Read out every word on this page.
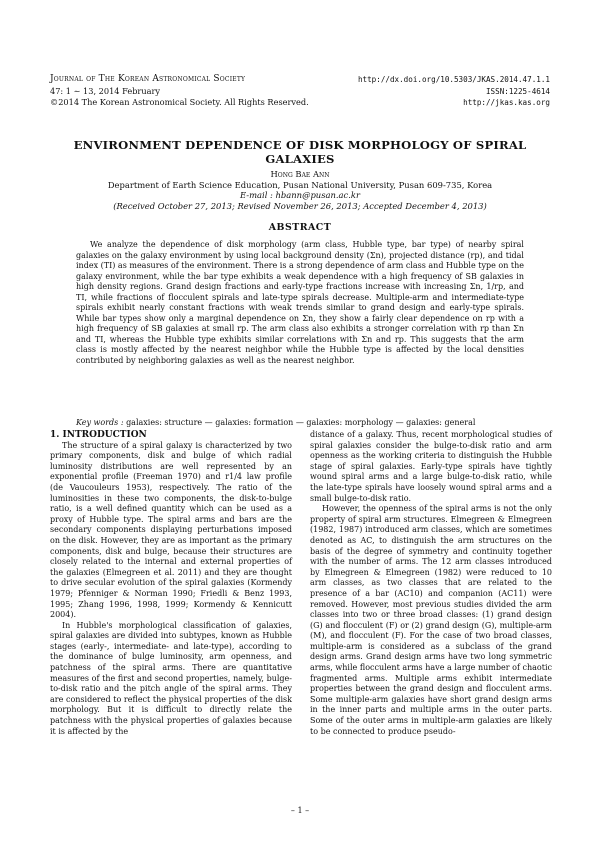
Journal of The Korean Astronomical Society
47: 1 ∼ 13, 2014 February
©2014 The Korean Astronomical Society. All Rights Reserved.
http://dx.doi.org/10.5303/JKAS.2014.47.1.1
ISSN:1225-4614
http://jkas.kas.org
ENVIRONMENT DEPENDENCE OF DISK MORPHOLOGY OF SPIRAL GALAXIES
Hong Bae Ann
Department of Earth Science Education, Pusan National University, Pusan 609-735, Korea
E-mail : hbann@pusan.ac.kr
(Received October 27, 2013; Revised November 26, 2013; Accepted December 4, 2013)
ABSTRACT

We analyze the dependence of disk morphology (arm class, Hubble type, bar type) of nearby spiral galaxies on the galaxy environment by using local background density (Σn), projected distance (rp), and tidal index (TI) as measures of the environment. There is a strong dependence of arm class and Hubble type on the galaxy environment, while the bar type exhibits a weak dependence with a high frequency of SB galaxies in high density regions. Grand design fractions and early-type fractions increase with increasing Σn, 1/rp, and TI, while fractions of flocculent spirals and late-type spirals decrease. Multiple-arm and intermediate-type spirals exhibit nearly constant fractions with weak trends similar to grand design and early-type spirals. While bar types show only a marginal dependence on Σn, they show a fairly clear dependence on rp with a high frequency of SB galaxies at small rp. The arm class also exhibits a stronger correlation with rp than Σn and TI, whereas the Hubble type exhibits similar correlations with Σn and rp. This suggests that the arm class is mostly affected by the nearest neighbor while the Hubble type is affected by the local densities contributed by neighboring galaxies as well as the nearest neighbor.

Key words : galaxies: structure — galaxies: formation — galaxies: morphology — galaxies: general

1. INTRODUCTION

The structure of a spiral galaxy is characterized by two primary components, disk and bulge of which radial luminosity distributions are well represented by an exponential profile (Freeman 1970) and r1/4 law profile (de Vaucouleurs 1953), respectively. The ratio of the luminosities in these two components, the disk-to-bulge ratio, is a well defined quantity which can be used as a proxy of Hubble type. The spiral arms and bars are the secondary components displaying perturbations imposed on the disk. However, they are as important as the primary components, disk and bulge, because their structures are closely related to the internal and external properties of the galaxies (Elmegreen et al. 2011) and they are thought to drive secular evolution of the spiral galaxies (Kormendy 1979; Pfenniger & Norman 1990; Friedli & Benz 1993, 1995; Zhang 1996, 1998, 1999; Kormendy & Kennicutt 2004).

In Hubble's morphological classification of galaxies, spiral galaxies are divided into subtypes, known as Hubble stages (early-, intermediate- and late-type), according to the dominance of bulge luminosity, arm openness, and patchness of the spiral arms. There are quantitative measures of the first and second properties, namely, bulge-to-disk ratio and the pitch angle of the spiral arms. They are considered to reflect the physical properties of the disk morphology. But it is difficult to directly relate the patchness with the physical properties of galaxies because it is affected by the

distance of a galaxy. Thus, recent morphological studies of spiral galaxies consider the bulge-to-disk ratio and arm openness as the working criteria to distinguish the Hubble stage of spiral galaxies. Early-type spirals have tightly wound spiral arms and a large bulge-to-disk ratio, while the late-type spirals have loosely wound spiral arms and a small bulge-to-disk ratio.

However, the openness of the spiral arms is not the only property of spiral arm structures. Elmegreen & Elmegreen (1982, 1987) introduced arm classes, which are sometimes denoted as AC, to distinguish the arm structures on the basis of the degree of symmetry and continuity together with the number of arms. The 12 arm classes introduced by Elmegreen & Elmegreen (1982) were reduced to 10 arm classes, as two classes that are related to the presence of a bar (AC10) and companion (AC11) were removed. However, most previous studies divided the arm classes into two or three broad classes: (1) grand design (G) and flocculent (F) or (2) grand design (G), multiple-arm (M), and flocculent (F). For the case of two broad classes, multiple-arm is considered as a subclass of the grand design arms. Grand design arms have two long symmetric arms, while flocculent arms have a large number of chaotic fragmented arms. Multiple arms exhibit intermediate properties between the grand design and flocculent arms. Some multiple-arm galaxies have short grand design arms in the inner parts and multiple arms in the outer parts. Some of the outer arms in multiple-arm galaxies are likely to be connected to produce pseudo-

– 1 –
